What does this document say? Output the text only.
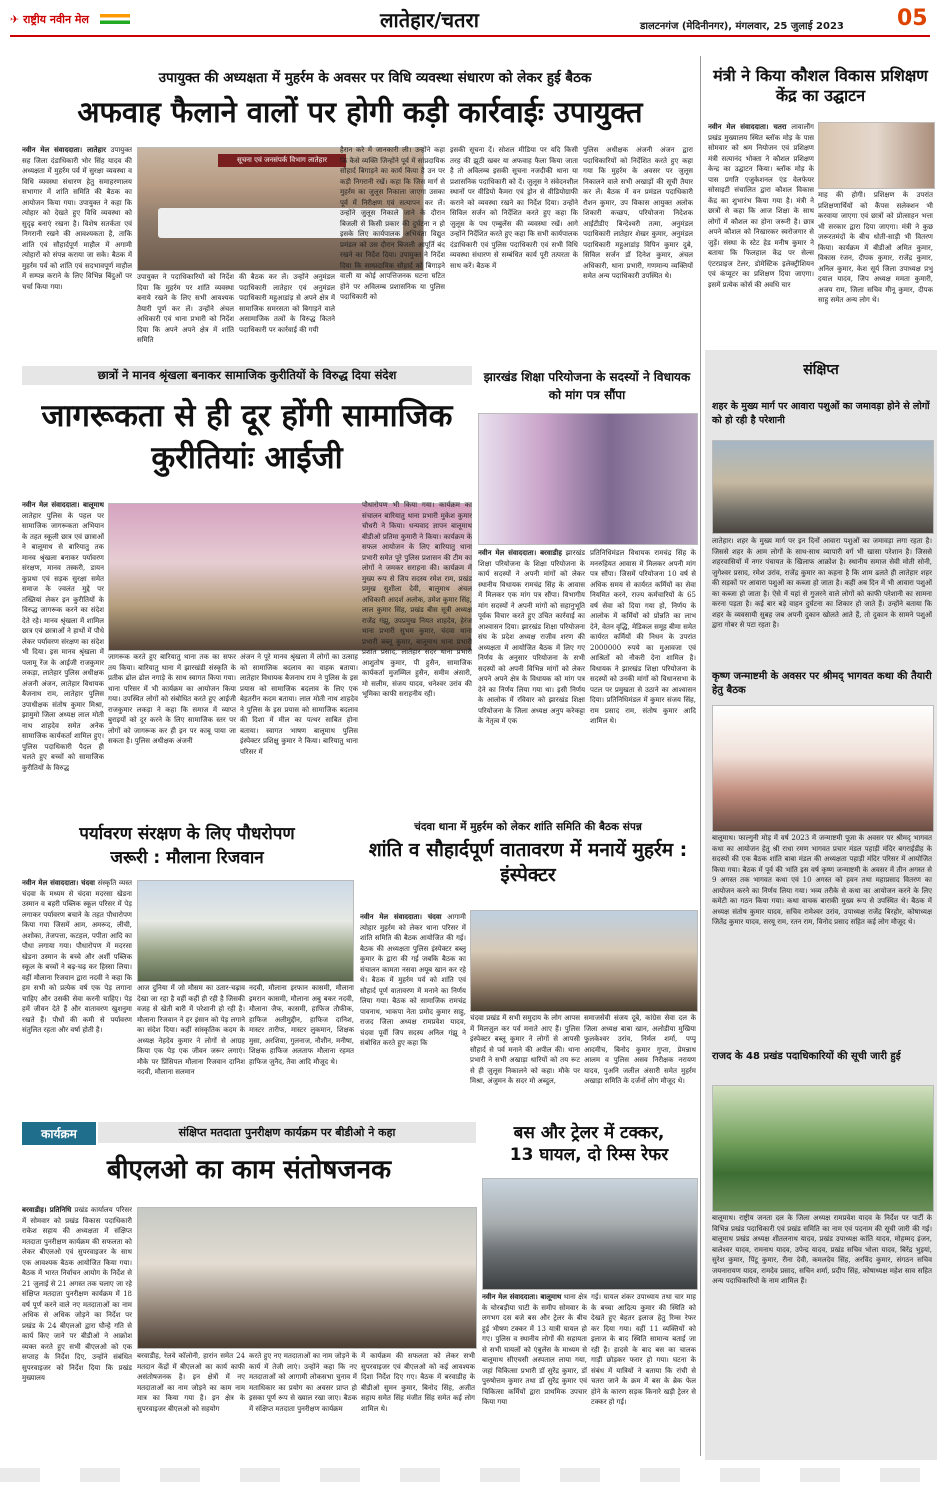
✈ राष्ट्रीय नवीन मेल	लातेहार/चतरा	डालटनगंज (मेदिनीनगर), मंगलवार, 25 जुलाई 2023 05
उपायुक्त की अध्यक्षता में मुहर्रम के अवसर पर विधि व्यवस्था संधारण को लेकर हुई बैठक
अफवाह फैलाने वालों पर होगी कड़ी कार्रवाईः उपायुक्त
सूचना एवं जनसंपर्क विभाग लातेहार
नवीन मेल संवाददाता। लातेहार उपायुक्त सह जिला दंडाधिकारी भोर सिंह यादव की अध्यक्षता में मुहर्रम पर्व में सुरक्षा व्यवस्था व विधि व्यवस्था संधारण हेतु समाहरणालय सभागार में शांति समिति की बैठक का आयोजन किया गया। उपायुक्त ने कहा कि त्योहार को देखते हुए विधि व्यवस्था को सुदृढ़ बनाएं रखना है। विशेष सतर्कता एवं निगरानी रखने की आवश्यकता है, ताकि शांति एवं सौहार्दपूर्ण माहौल में अगामी त्योहारों को संपन्न कराया जा सके। बैठक में मुहर्रम पर्व को शांति एवं सदभावपूर्ण माहौल में सम्पन्न कराने के लिए विभिन्न बिंदुओं पर चर्चा किया गया।
उपायुक्त ने पदाधिकारियों को निर्देश दिया कि मुहर्रम पर शांति व्यवस्था बनाये रखने के लिए सभी आवश्यक तैयारी पूर्ण कर लें। उन्होंने अंचल अधिकारी एवं थाना प्रभारी को निर्देश दिया कि अपने अपने क्षेत्र में शांति समिति
की बैठक कर लें। उन्होंने अनुमंडल पदाधिकारी लातेहार एवं अनुमंडल पदाधिकारी महुआडांड़ से अपने क्षेत्र में सामाजिक समरसता को बिगाड़ने वाले असामाजिक तत्वों के विरुद्ध कितने पदाधिकारी पर कार्रवाई की गयी
हैरान करे में जानकारी ली। उन्होंने कहा कि कैसे व्यक्ति जिन्होंने पूर्व में सांप्रदायिक सौहार्द बिगाड़ने का कार्य किया है उन पर कड़ी निगरानी रखें। कहा कि जिस मार्ग से मुहर्रम का जुलूस निकाला जाएगा उसका पूर्व में निरीक्षण एवं सत्यापन कर लें। उन्होंने जुलूस निकाले जाने के दौरान बिजली से किसी प्रकार की दुर्घटना न हो इसके लिए कार्यपालक अभियंता विद्युत प्रमंडल को उस दौरान बिजली आपूर्ति बंद रखने का निर्देश दिया। उपायुक्त ने निर्देश दिया कि साम्प्रदायिक सौहार्द को बिगाड़ने वाली या कोई आपत्तिजनक घटना घटित होने पर अविलम्ब प्रशासनिक या पुलिस पदाधिकारी को
इसकी सूचना दें। सोशल मीडिया पर यदि किसी तरह की झूठी खबर या अफवाह फैला किया जाता है तो अविलम्ब इसकी सूचना नजदीकी थाना या प्रशासनिक पदाधिकारी को दें। जुलूस ने संवेदनशील स्थानों पर वीडियो कैमरा एवं ड्रोन से वीडियोग्राफी कराने को व्यवस्था रखने का निर्देश दिया। उन्होंने सिविल सर्जन को निर्देशित करते हुए कहा कि जुलूस के पथ एम्बुलेंस की व्यवस्था रखें। आगे उन्होंने निर्देशित करते हुए कहा कि सभी कार्यपालक दंडाधिकारी एवं पुलिस पदाधिकारी एवं सभी विधि व्यवस्था संधारण से सम्बंधित कार्य पूरी तत्परता के साथ करें। बैठक में
पुलिस अधीक्षक अंजनी अंजन द्वारा पदाधिकारियों को निर्देशित करते हुए कहा गया कि मुहर्रम के अवसर पर जुलूस निकालने वाले सभी अखाड़ों की सूची तैयार कर लें। बैठक में वन प्रमंडल पदाधिकारी रौशन कुमार, उप विकास आयुक्त अलोक शिकारी कच्छप, परियोजना निदेशक आईटीडीए बिन्देश्वरी तत्मा, अनुमंडल पदाधिकारी लातेहार शेखर कुमार, अनुमंडल पदाधिकारी महुआडांड़ विपिन कुमार दुबे, सिविल सर्जन डॉ दिनेश कुमार, अंचल अधिकारी, थाना प्रभारी, गणमान्य व्यक्तियों समेत अन्य पदाधिकारी उपस्थित थे।
मंत्री ने किया कौशल विकास प्रशिक्षण केंद्र का उद्घाटन
नवीन मेल संवाददाता। चतरा लावालौंग प्रखंड मुख्यालय स्थित ब्लॉक मोड़ के पास सोमवार को श्रम नियोजन एवं प्रशिक्षण मंत्री सत्यानंद भोक्ता ने कौशल प्रशिक्षण केन्द्र का उद्घाटन किया। ब्लॉक मोड़ के पास प्रगति एजुकेशनल एंड वेलफेयर सोसाइटी संचालित द्वारा कौशल विकास केंद्र का शुभारंभ किया गया है। मंत्री ने छात्रों से कहा कि आज शिक्षा के साथ लोगों में कौशल का होना जरूरी है। छात्र अपने कौशल को निखारकर स्वरोजगार से जुड़ें। संस्था के स्टेट हेड मनीष कुमार ने बताया कि फिलहाल केंद्र पर सेल्स एंटरप्राइज टेलर, डोमेस्टिक इलेक्ट्रीशियन एवं कंप्यूटर का प्रशिक्षण दिया जाएगा। इसमें प्रत्येक कोर्स की अवधि चार
माह की होगी। प्रशिक्षण के उपरांत प्रशिक्षणार्थियों को कैंपस सलेक्शन भी करवाया जाएगा एवं छात्रों को प्रोत्साहन भत्ता भी सरकार द्वारा दिया जाएगा। मंत्री ने कुछ जरूरतमंदों के बीच धोती-साड़ी भी वितरण किया। कार्यक्रम में बीडीओ अमित कुमार, विकास रंजन, दीपक कुमार, राजेंद्र कुमार, अनिल कुमार, केश सूर्य जिला उपाध्यक्ष प्रभु दयाल यादव, जिप अध्यक्ष ममता कुमारी, अजय राम, जिला सचिव मीनू कुमार, दीपक साहु समेत अन्य लोग थे।
संक्षिप्त
शहर के मुख्य मार्ग पर आवारा पशुओं का जमावड़ा होने से लोगों को हो रही है परेशानी
लातेहार। शहर के मुख्य मार्ग पर इन दिनों आवारा पशुओं का जमावड़ा लगा रहता है। जिससे शहर के आम लोगों के साथ-साथ व्यापारी वर्ग भी खासा परेशान है। जिससे शहरवासियों में नगर पंचायत के खिलाफ आक्रोश है। स्थानीय समाज सेवी मोती सोनी, जुगेश्वर प्रसाद, रमेश उरांव, राजेंद्र कुमार का कहना है कि शाम ढलते ही लातेहार शहर की सड़कों पर आवारा पशुओं का कब्जा हो जाता है। कहीं अब दिन में भी आवारा पशुओं का कब्जा हो जाता है। ऐसे में यहां से गुजरने वाले लोगों को काफी परेशानी का सामना करना पड़ता है। कई बार बड़े वाहन दुर्घटना का शिकार हो जाते हैं। उन्होंने बताया कि शहर के व्यवसायी सुबह जब अपनी दुकान खोलते आते हैं, तो दुकान के सामने पशुओं द्वारा गोबर से पटा रहता है।
कृष्ण जन्माष्टमी के अवसर पर श्रीमद् भागवत कथा की तैयारी हेतु बैठक
बालूमाथ। फाल्गुनी मोड़ में वर्ष 2023 में जन्माष्टमी पूजा के अवसर पर श्रीमद् भागवत कथा का आयोजन हेतु श्री राधा रमण भागवत प्रचार मंडल पहाड़ी मंदिर बगराईडीह के सदस्यों की एक बैठक शांति बाबा मंडल की अध्यक्षता पहाड़ी मंदिर परिसर में आयोजित किया गया। बैठक में पूर्व की भांति इस वर्ष कृष्ण जन्माष्टमी के अवसर में तीन अगस्त से 9 अगस्त तक भागवत कथा एवं 10 अगस्त को हवन तथा महाप्रसाद वितरण का आयोजन करने का निर्णय लिया गया। भव्य तरीके से कथा का आयोजन करने के लिए कमेटी का गठन किया गया। कथा वाचक बाराकी मुख्य रूप से उपस्थित थे। बैठक में अध्यक्ष संतोष कुमार यादव, सचिव रामेश्वर उरांव, उपाध्यक्ष राजेंद्र बिरहोर, कोषाध्यक्ष जितेंद्र कुमार यादव, सरयू राम, रतन राम, विनोद प्रसाद सहित कई लोग मौजूद थे।
राजद के 48 प्रखंड पदाधिकारियों की सूची जारी हुई
बालूमाथ। राष्ट्रीय जनता दल के जिला अध्यक्ष रामप्रवेश यादव के निर्देश पर पार्टी के विभिन्न प्रखंड पदाधिकारी एवं प्रखंड समिति का नाम एवं पदनाम की सूची जारी की गई। बालूमाथ प्रखंड अध्यक्ष शीतलनाथ यादव, प्रखंड उपाध्यक्ष कांति यादव, मोहम्मद इंजन, बालेश्वर यादव, रामनाथ यादव, उपेन्द्र यादव, प्रखंड सचिव भोला यादव, बिरेंद्र भुइयां, सुरेश कुमार, पिंटू कुमार, रीना देवी, कमलदेव सिंह, अरविंद कुमार, संगठन सचिव जयनारायण यादव, रामदेव प्रसाद, सचिन शर्मा, प्रदीप सिंह, कोषाध्यक्ष महेश साव सहित अन्य पदाधिकारियों के नाम शामिल हैं।
छात्रों ने मानव श्रृंखला बनाकर सामाजिक कुरीतियों के विरुद्ध दिया संदेश
जागरूकता से ही दूर होंगी सामाजिक कुरीतियांः आईजी
नवीन मेल संवाददाता। बालूमाथ लातेहार पुलिस के पहल पर सामाजिक जागरूकता अभियान के तहत स्कूली छात्र एवं छात्राओं ने बालूमाथ से बारियातु तक मानव श्रृंखला बनाकर पर्यावरण संरक्षण, मानव तस्करी, डायन कुप्रथा एवं सड़क सुरक्षा समेत समाज के ज्वलंत मुद्दे पर तख्तियां लेकर इन कुरीतियों के विरुद्ध जागरूक करने का संदेश देते रहे। मानव श्रृंखला में शामिल छात्र एवं छात्राओं ने हाथों में पौधे लेकर पर्यावरण संरक्षण का संदेश भी दिया। इस मानव श्रृंखला में पलामू रेंज के आईजी राजकुमार लकड़ा, लातेहार पुलिस अधीक्षक अंजनी अंजन, लातेहार विधायक बैजनाथ राम, लातेहार पुलिस उपाधीक्षक संतोष कुमार मिश्रा, झामुमो जिला अध्यक्ष लाल मोती नाथ शाहदेव समेत अनेक सामाजिक कार्यकर्ता शामिल हुए। पुलिस पदाधिकारी पैदल ही चलते हुए बच्चों को सामाजिक कुरीतियों के विरुद्ध
जागरूक करते हुए बारियातु थाना तक का सफर तय किया। बारियातु थाना में झारखंडी संस्कृति के प्रतीक ढोल ढोल नगाड़े के साथ स्वागत किया गया। थाना परिसर में भी कार्यक्रम का आयोजन किया गया। उपस्थित लोगों को संबोधित करते हुए आईजी राजकुमार लकड़ा ने कहा कि समाज में व्याप्त बुराइयों को दूर करने के लिए सामाजिक स्तर पर लोगों को जागरूक कर ही इन पर काबू पाया जा सकता है। पुलिस अधीक्षक अंजनी
अंजन ने पूरे मानव श्रृंखला में लोगों का उत्साह को सामाजिक बदलाव का वाहक बताया। लातेहार विधायक बैजनाथ राम ने पुलिस के इस प्रयास को सामाजिक बदलाव के लिए एक बेहतरीन कदम बताया। लाल मोती नाथ शाहदेव ने पुलिस के इस प्रयास को सामाजिक बदलाव की दिशा में मील का पत्थर साबित होना बताया। स्वागत भाषण बालूमाथ पुलिस इंस्पेक्टर प्रशिक्षु कुमार ने किया। बारियातु थाना परिसर में
पौधारोपण भी किया गया। कार्यक्रम का संचालन बारियातु थाना प्रभारी मुकेश कुमार चौधरी ने किया। धन्यवाद ज्ञापन बालूमाथ बीडीओ प्रतिमा कुमारी ने किया। कार्यक्रम के सफल आयोजन के लिए बारियातु थाना प्रभारी समेत पूरे पुलिस प्रशासन की टीम का लोगों ने जमकर सराहना की। कार्यक्रम में मुख्य रूप से जिप सदस्य रमेश राम, प्रखंड प्रमुख सुशीला देवी, बालूमाथ अंचल अधिकारी आदर्श अलोक, उमेश कुमार सिंह, लाल कुमार सिंह, प्रखंड बीस सूत्री अध्यक्ष राजेंद्र गंझू, उपप्रमुख नियत शाहदेव, हेरंज थाना प्रभारी सुभम कुमार, चंदवा थाना प्रभारी बब्लू कुमार, बालूमाथ थाना प्रभारी प्रशांत प्रसाद, लातेहार सदर थाना प्रभारी आशुतोष कुमार, पी हुसैन, सामाजिक कार्यकर्ता मुजम्मिल हुसैन, समीम अंसारी, मो सलीम, संजय यादव, धनेश्वर उरांव की भूमिका काफी सराहनीय रही।
झारखंड शिक्षा परियोजना के सदस्यों ने विधायक को मांग पत्र सौंपा
नवीन मेल संवाददाता। बरवाडीह झारखंड शिक्षा परियोजना के शिक्षा परियोजना के कार्य सदस्यों ने अपनी मांगों को लेकर स्थानीय विधायक रामचंद्र सिंह के आवास में मिलकर एक मांग पत्र सौंपा। विभागीय मांग सदस्यों ने अपनी मांगों को सहानुभूति पूर्वक विचार करते हुए उचित कार्रवाई का आश्वासन दिया। झारखंड शिक्षा परियोजना संघ के प्रदेश अध्यक्ष राजीव शरण की अध्यक्षता में आयोजित बैठक में लिए गए निर्णय के अनुसार परियोजना के सभी सदस्यों को अपनी विभिन्न मांगों को लेकर अपने अपने क्षेत्र के विधायक को मांग पत्र देने का निर्णय लिया गया था। इसी निर्णय के आलोक में रविवार को झारखंड शिक्षा परियोजना के जिला अध्यक्ष अनुप करेकट्टा के नेतृत्व में एक
प्रतिनिधिमंडल विधायक रामचंद्र सिंह के मनरुहियत आवास में मिलकर अपनी मांग पत्र सौंपा। जिसमें परियोजना 10 वर्ष से अधिक समय से कार्यरत कर्मियों का सेवा नियमित करने, राज्य कर्मचारियों के 65 वर्ष सेवा को दिया गया हो, निर्णय के आलोक में कर्मियों को प्रोन्नति का लाभ देने, वेतन वृद्धि, मेडिकल समूह बीमा समेत कार्यरत कर्मियों की निधन के उपरांत 2000000 रुपये का मुआवजा एवं आश्रितों को नौकरी देना शामिल है। विधायक ने झारखंड शिक्षा परियोजना के सदस्यों को उनकी मांगों को विधानसभा के पटल पर प्रमुखता से उठाने का आश्वासन दिया। प्रतिनिधिमंडल में कुमार संजय सिंह, राम प्रसाद राम, संतोष कुमार आदि शामिल थे।
पर्यावरण संरक्षण के लिए पौधरोपण
जरूरी : मौलाना रिजवान
नवीन मेल संवाददाता। चंदवा संस्कृति व्यस्त चंदवा के मध्यम से चंदवा मदरसा खेडना उस्मान व बहरी पब्लिक स्कूल परिसर में पेड़ लगाकर पर्यावरण बचाने के तहत पौधारोपण किया गया जिसमें आम, अमरूद, लीची, अशोका, तेजपत्ता, कटहल, पपीता आदि का पौधा लगाया गया। पौधारोपण में मदरसा खेडना उस्मान के बच्चे और अर्शी पब्लिक स्कूल के बच्चों ने बढ़-चढ़ कर हिस्सा लिया। वहीं मौलाना रिजवान द्वारा नदवी ने कहा कि हम सभी को प्रत्येक वर्ष एक पेड़ लगाना चाहिए और उसकी सेवा करनी चाहिए। पेड़ हमें जीवन देते हैं और वातावरण खुशनुमा रखते हैं। पौधों की कमी से पर्यावरण संतुलित रहता और वर्षा होती है।
आज दुनिया में जो मौसम का उतार-चढ़ाव देखा जा रहा है वहीं कहीं ही रही है जिसकी वजह से खेती बारी में परेशानी हो रही है। मौलाना रिजवान ने हर इंसान को पेड़ लगाने का संदेश दिया। कहीं सांस्कृतिक कदम के अध्यक्ष नेहदेव कुमार ने लोगों से आग्रह किया एक पेड़ एक जीवन जरूर लगाएं। मौके पर प्रिंसिपल मौलाना रिजवान दानिश नदवी, मौलाना सलमान
नदवी, मौलाना इरफान कासमी, मौलाना इमरान कासमी, मौलाना अबु बकर नदवी, मौलाना जैफ, कासमी, हाफिज तौफीक, हाफिज अलीमुद्दीन, हाफिज दानिश, मास्टर तारीफ, मास्टर लुकमान, शिक्षक मुसा, अरशिया, गुलनाज, नौशीन, मनीषा, शिक्षक हाफिज अलताफ मौलाना रहमत हाफिज जुनैद, तैवा आदि मौजूद थे।
चंदवा थाना में मुहर्रम को लेकर शांति समिति की बैठक संपन्न
शांति व सौहार्दपूर्ण वातावरण में मनायें मुहर्रम : इंस्पेक्टर
नवीन मेल संवाददाता। चंदवा आगामी त्योहार मुहर्रम को लेकर थाना परिसर में शांति समिति की बैठक आयोजित की गई। बैठक की अध्यक्षता पुलिस इंस्पेक्टर बब्लू कुमार के द्वारा की गई जबकि बैठक का संचालन कामता नसवा अयूब खान कर रहे थे। बैठक में मुहर्रम पर्व को शांति एवं सौहार्द पूर्ण वातावरण में मनाने का निर्णय लिया गया। बैठक को सामाजिक रामचंद्र पावनाथ, भाकपा नेता प्रमोद कुमार साहु, राजद जिला अध्यक्ष रामप्रवेश यादव, चंदवा पूर्वी जिप सदस्य अनिल गंझू ने संबोधित करते हुए कहा कि
चंदवा प्रखंड में सभी समुदाय के लोग आपस में मिलजुल कर पर्व मनाते आए हैं। पुलिस इंस्पेक्टर बब्लू कुमार ने लोगों से आपसी सौहार्द से पर्व मनाने की अपील की। थाना प्रभारी ने सभी अखाड़ा धारियों को तय रूट से ही जुलूस निकालने को कहा। मौके पर मिश्रा, अंजुमन के सदर मो अब्दुल,
समाजसेवी संजय दूबे, कांग्रेस सेवा दल के जिला अध्यक्ष बाबा खान, अलोडीया मुखिया फुलकेश्वर उरांव, निर्मल शर्मा, पप्पू आदमीच, बिनोद कुमार गुप्ता, प्रेमन्नाथ आलम व पुलिस असव निरीक्षक नरायण यादव, पुअनि जलील अंसारी समेत मुहर्रम अखाड़ा समिति के दर्जनों लोग मौजूद थे।
कार्यक्रम	संक्षिप्त मतदाता पुनरीक्षण कार्यक्रम पर बीडीओ ने कहा
बीएलओ का काम संतोषजनक
बरवाडीह। प्रतिनिधि प्रखंड कार्यालय परिसर में सोमवार को प्रखंड विकास पदाधिकारी राकेश सहाय की अध्यक्षता में संक्षिप्त मतदाता पुनरीक्षण कार्यक्रम की सफलता को लेकर बीएलओ एवं सुपरवाइजर के साथ एक आवश्यक बैठक आयोजित किया गया। बैठक में भारत निर्वाचन आयोग के निर्देश से 21 जुलाई से 21 अगस्त तक चलाए जा रहे संक्षिप्त मतदाता पुनरीक्षण कार्यक्रम में 18 वर्ष पूर्ण करने वाले नए मतदाताओं का नाम अधिक से अधिक जोड़ने का निर्देश पर प्रखंड के 24 बीएलओ द्वारा घौन्हे गति से कार्य किए जाने पर बीडीओ ने आक्रोश व्यक्त करते हुए सभी बीएलओ को एक सप्ताह के निर्देश दिए, उन्होंने संबंधित सुपरवाइजर को निर्देश दिया कि प्रखंड मुख्यालय
बरवाडीह, रेलवे कॉलोनी, हारांन समेत 24 मतदान केंद्रों में बीएलओ का कार्य काफी असंतोषजनक है। इन क्षेत्रों में नए मतदाताओं का नाम जोड़ने का काम नाम मात्र का किया गया है। इन क्षेत्र के सुपरवाइजर बीएलओ को सहयोग
करते हुए नए मतदाताओं का नाम जोड़ने के कार्य में तेजी लाएं। उन्होंने कहा कि नए मतदाताओं को आगामी लोकसभा चुनाव में मताधिकार का प्रयोग का अवसर प्राप्त हो इसका पूर्ण रूप से ख्याल रखा जाए। बैठक में संक्षिप्त मतदाता पुनरीक्षण कार्यक्रम
में कार्यक्रम की सफलता को लेकर सभी सुपरवाइजर एवं बीएलओ को कई आवश्यक दिशा निर्देश दिए गए। बैठक में बरवाडीह के बीडीओ सुमन कुमार, बिनोद सिंह, अजीत सहाय समेत सिंह मंजीत सिंह समेत कई लोग शामिल थे।
बस और ट्रेलर में टक्कर,
13 घायल, दो रिम्स रेफर
नवीन मेल संवाददाता। बालूमाथ थाना क्षेत्र के चोरबड़ीया घाटी के समीप सोमवार के लगभग दस बजे बस और ट्रेलर के बीच हुई भीषण टक्कर में 13 यात्री घायल हो गए। पुलिस व स्थानीय लोगों की सहायता से सभी घायलों को एंबुलेंस के माध्यम से बालूमाथ सीएचसी अस्पताल लाया गया, जहां चिकित्सा प्रभारी डॉ सुरेंद्र कुमार, डॉ पुरुषोत्तम कुमार तथा डॉ सुरेंद्र कुमार एवं चिकित्सा कर्मियों द्वारा प्राथमिक उपचार किया गया
गई। घायल शंकर उपाध्याय तथा चार माह के बच्चा आदित्य कुमार की स्थिति को देखते हुए बेहतर इलाज हेतु रिम्स रेफर कर दिया गया। वहीं 11 व्यक्तियों को इलाज के बाद स्थिति सामान्य बताई जा रही है। हादसे के बाद बस का चालक गाड़ी छोड़कर फरार हो गया। घटना के संबंध में यात्रियों ने बताया कि रांची से चतरा जाने के क्रम में बस के ब्रेक फेल होने के कारण सड़क किनारे खड़ी ट्रेलर से टक्कर हो गई।
